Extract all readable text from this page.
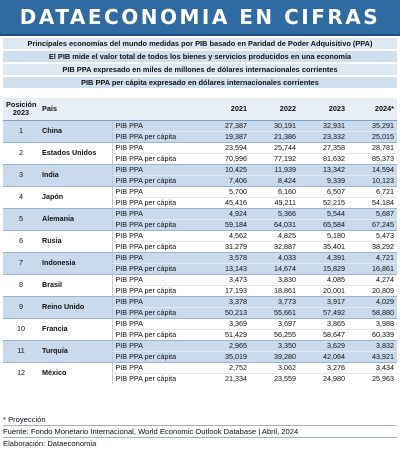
DATAECONOMIA EN CIFRAS
Principales economías del mundo medidas por PIB basado en Paridad de Poder Adquisitivo (PPA)
El PIB mide el valor total de todos los bienes y servicios producidos en una economía
PIB PPA expresado en miles de millones de dólares internacionales corrientes
PIB PPA per cápita expresado en dólares internacionales corrientes
Posición 2023	País		2021	2022	2023	2024*
1	China	PIB PPA	27,387	30,191	32,931	35,291
		PIB PPA per cápita	19,387	21,386	23,332	25,015
2	Estados Unidos	PIB PPA	23,594	25,744	27,358	28,781
		PIB PPA per cápita	70,996	77,192	81,632	85,373
3	India	PIB PPA	10,425	11,939	13,342	14,594
		PIB PPA per cápita	7,406	8,424	9,339	10,123
4	Japón	PIB PPA	5,700	6,160	6,507	6,721
		PIB PPA per cápita	45,416	49,211	52,215	54,184
5	Alemania	PIB PPA	4,924	5,366	5,544	5,687
		PIB PPA per cápita	59,184	64,031	65,584	67,245
6	Rusia	PIB PPA	4,562	4,825	5,180	5,473
		PIB PPA per cápita	31,279	32,887	35,401	38,292
7	Indonesia	PIB PPA	3,578	4,033	4,391	4,721
		PIB PPA per cápita	13,143	14,674	15,829	16,861
8	Brasil	PIB PPA	3,473	3,830	4,085	4,274
		PIB PPA per cápita	17,193	18,861	20,001	20,809
9	Reino Unido	PIB PPA	3,378	3,773	3,917	4,029
		PIB PPA per cápita	50,213	55,661	57,492	58,880
10	Francia	PIB PPA	3,369	3,697	3,865	3,988
		PIB PPA per cápita	51,429	56,255	58,647	60,339
11	Turquía	PIB PPA	2,965	3,350	3,629	3,832
		PIB PPA per cápita	35,019	39,280	42,064	43,921
12	México	PIB PPA	2,752	3,062	3,276	3,434
		PIB PPA per cápita	21,334	23,559	24,980	25,963
* Proyección
Fuente: Fondo Monetario Internacional, World Economic Outlook Database | Abril, 2024
Elaboración: Dataeconomia
